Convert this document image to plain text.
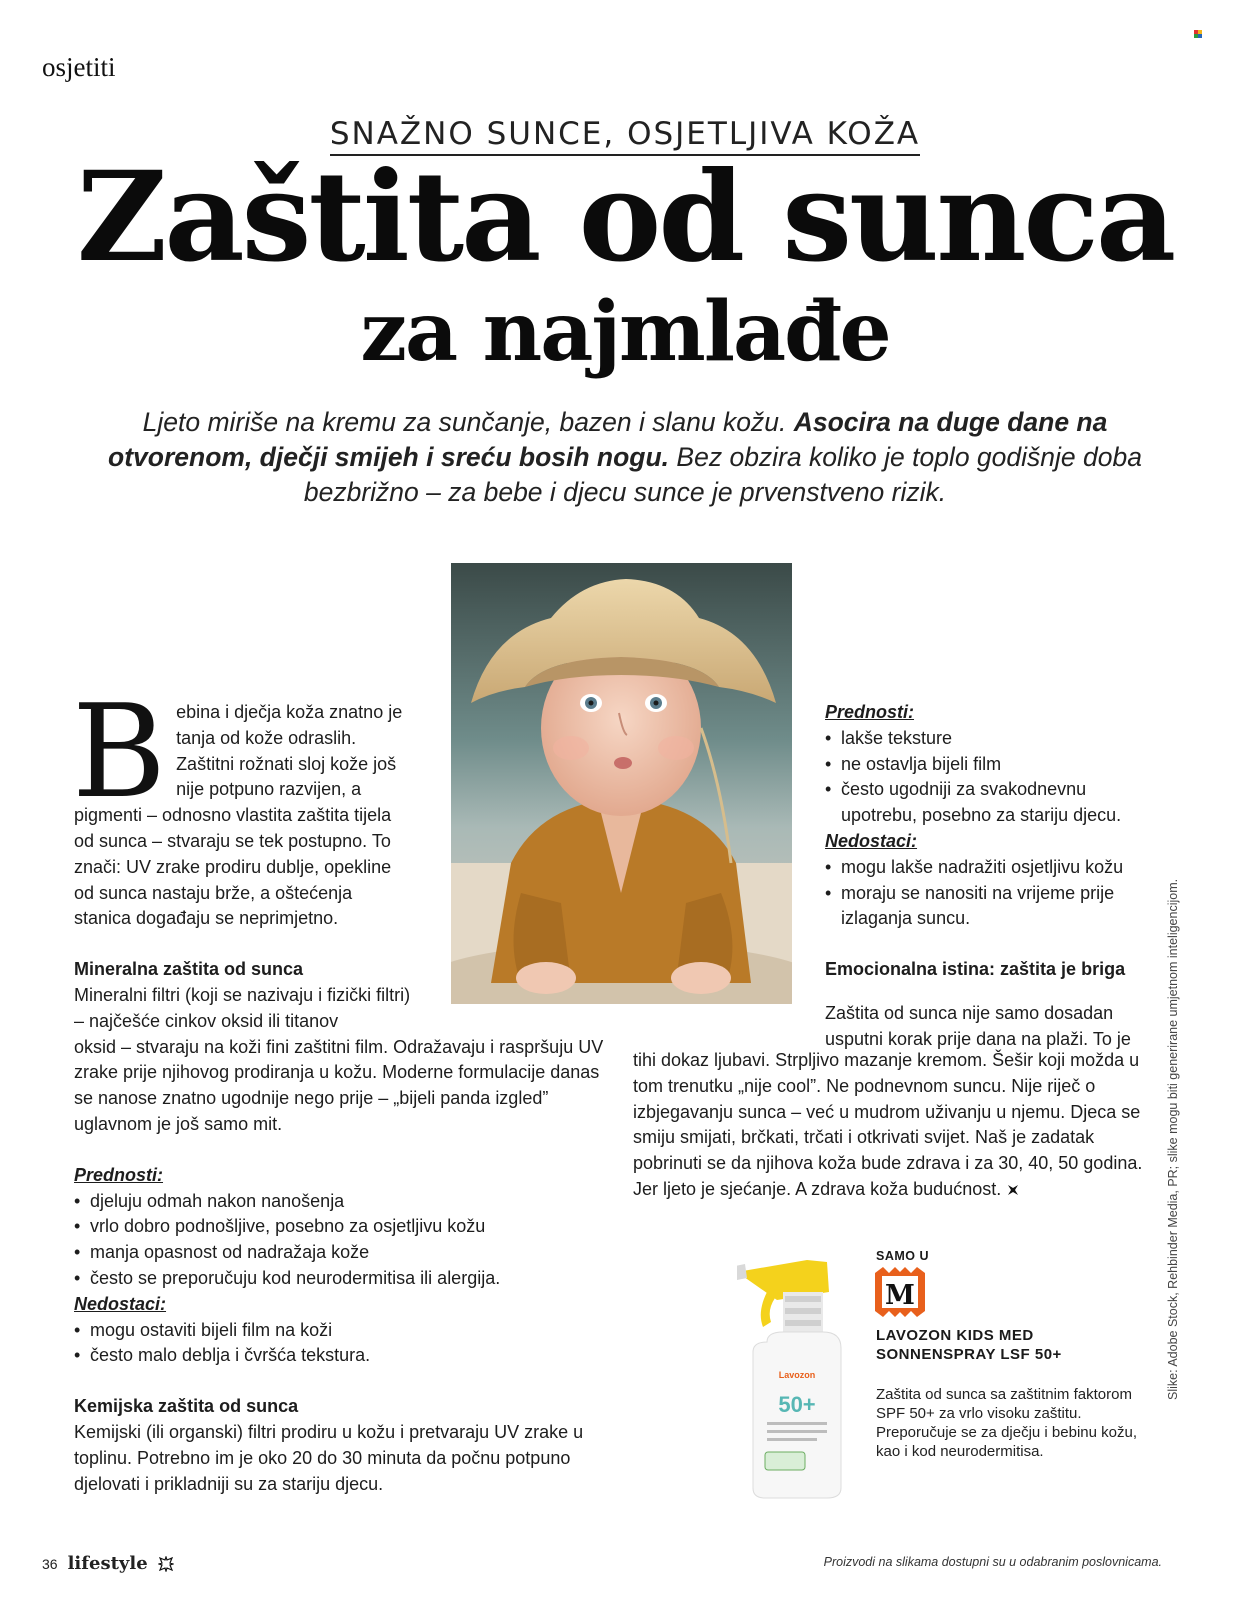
osjetiti
SNAŽNO SUNCE, OSJETLJIVA KOŽA
Zaštita od sunca
za najmlađe
Ljeto miriše na kremu za sunčanje, bazen i slanu kožu. Asocira na duge dane na otvorenom, dječji smijeh i sreću bosih nogu. Bez obzira koliko je toplo godišnje doba bezbrižno – za bebe i djecu sunce je prvenstveno rizik.
B ebina i dječja koža znatno je tanja od kože odraslih. Zaštitni rožnati sloj kože još nije potpuno razvijen, a pigmenti – odnosno vlastita zaštita tijela od sunca – stvaraju se tek postupno. To znači: UV zrake prodiru dublje, opekline od sunca nastaju brže, a oštećenja stanica događaju se neprimjetno.

Mineralna zaštita od sunca

Mineralni filtri (koji se nazivaju i fizički filtri) – najčešće cinkov oksid ili titanov

oksid – stvaraju na koži fini zaštitni film. Odražavaju i raspršuju UV zrake prije njihovog prodiranja u kožu. Moderne formulacije danas se nanose znatno ugodnije nego prije – „bijeli panda izgled” uglavnom je još samo mit.

Prednosti:

• djeluju odmah nakon nanošenja
• vrlo dobro podnošljive, posebno za osjetljivu kožu
• manja opasnost od nadražaja kože
• često se preporučuju kod neurodermitisa ili alergija.

Nedostaci:

• mogu ostaviti bijeli film na koži
• često malo deblja i čvršća tekstura.

Kemijska zaštita od sunca

Kemijski (ili organski) filtri prodiru u kožu i pretvaraju UV zrake u toplinu. Potrebno im je oko 20 do 30 minuta da počnu potpuno djelovati i prikladniji su za stariju djecu.

Prednosti:

• lakše teksture
• ne ostavlja bijeli film
• često ugodniji za svakodnevnu upotrebu, posebno za stariju djecu.

Nedostaci:

• mogu lakše nadražiti osjetljivu kožu
• moraju se nanositi na vrijeme prije izlaganja suncu.

Emocionalna istina: zaštita je briga

Zaštita od sunca nije samo dosadan usputni korak prije dana na plaži. To je

tihi dokaz ljubavi. Strpljivo mazanje kremom. Šešir koji možda u tom trenutku „nije cool”. Ne podnevnom suncu. Nije riječ o izbjegavanju sunca – već u mudrom uživanju u njemu. Djeca se smiju smijati, brčkati, trčati i otkrivati svijet. Naš je zadatak pobrinuti se da njihova koža bude zdrava i za 30, 40, 50 godina. Jer ljeto je sjećanje. A zdrava koža budućnost.
Lavozon
50+
SAMO U
M
LAVOZON KIDS MED SONNENSPRAY LSF 50+
Zaštita od sunca sa zaštitnim faktorom SPF 50+ za vrlo visoku zaštitu. Preporučuje se za dječju i bebinu kožu, kao i kod neurodermitisa.
Slike: Adobe Stock, Rehbinder Media, PR; slike mogu biti generirane umjetnom inteligencijom.
36 lifestyle	Proizvodi na slikama dostupni su u odabranim poslovnicama.
